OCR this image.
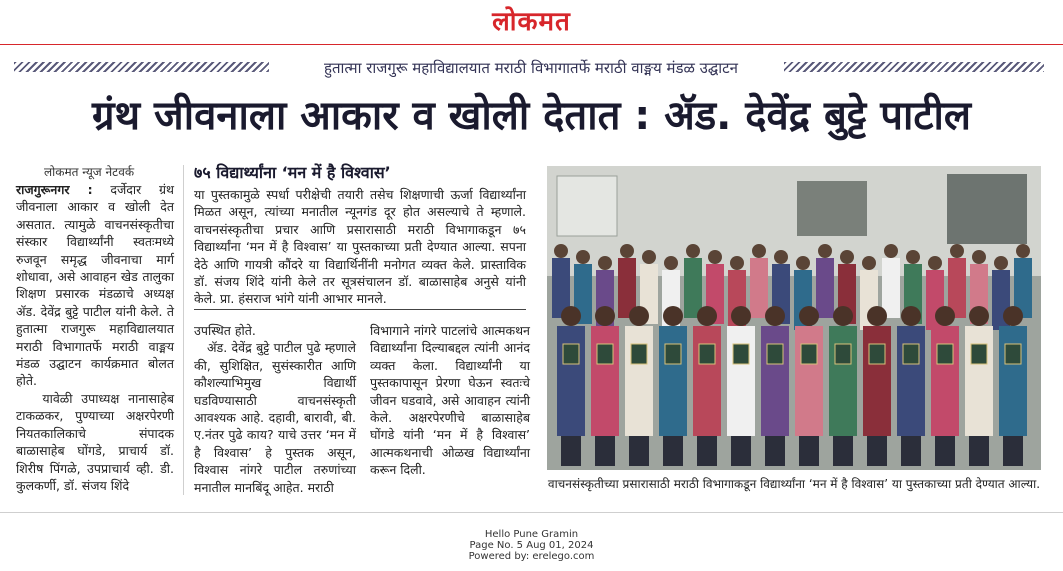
लोकमत
हुतात्मा राजगुरू महाविद्यालयात मराठी विभागातर्फे मराठी वाङ्मय मंडळ उद्घाटन
ग्रंथ जीवनाला आकार व खोली देतात : ॲड. देवेंद्र बुट्टे पाटील
लोकमत न्यूज नेटवर्क

राजगुरूनगर : दर्जेदार ग्रंथ जीवनाला आकार व खोली देत असतात. त्यामुळे वाचनसंस्कृतीचा संस्कार विद्यार्थ्यांनी स्वतःमध्ये रुजवून समृद्ध जीवनाचा मार्ग शोधावा, असे आवाहन खेड तालुका शिक्षण प्रसारक मंडळाचे अध्यक्ष ॲड. देवेंद्र बुट्टे पाटील यांनी केले. ते हुतात्मा राजगुरू महाविद्यालयात मराठी विभागातर्फे मराठी वाङ्मय मंडळ उद्घाटन कार्यक्रमात बोलत होते.

यावेळी उपाध्यक्ष नानासाहेब टाकळकर, पुण्याच्या अक्षरपेरणी नियतकालिकाचे संपादक बाळासाहेब घोंगडे, प्राचार्य डॉ. शिरीष पिंगळे, उपप्राचार्य व्ही. डी. कुलकर्णी, डॉ. संजय शिंदे

७५ विद्यार्थ्यांना ‘मन में है विश्वास’
या पुस्तकामुळे स्पर्धा परीक्षेची तयारी तसेच शिक्षणाची ऊर्जा विद्यार्थ्यांना मिळत असून, त्यांच्या मनातील न्यूनगंड दूर होत असल्याचे ते म्हणाले. वाचनसंस्कृतीचा प्रचार आणि प्रसारासाठी मराठी विभागाकडून ७५ विद्यार्थ्यांना ‘मन में है विश्वास’ या पुस्तकाच्या प्रती देण्यात आल्या. सपना देठे आणि गायत्री कौंदरे या विद्यार्थिनींनी मनोगत व्यक्त केले. प्रास्ताविक डॉ. संजय शिंदे यांनी केले तर सूत्रसंचालन डॉ. बाळासाहेब अनुसे यांनी केले. प्रा. हंसराज भांगे यांनी आभार मानले.

उपस्थित होते.

ॲड. देवेंद्र बुट्टे पाटील पुढे म्हणाले की, सुशिक्षित, सुसंस्कारीत आणि कौशल्याभिमुख विद्यार्थी घडविण्यासाठी वाचनसंस्कृती आवश्यक आहे. दहावी, बारावी, बी. ए.नंतर पुढे काय? याचे उत्तर ‘मन में है विश्वास’ हे पुस्तक असून, विश्वास नांगरे पाटील तरुणांच्या मनातील मानबिंदू आहेत. मराठी

विभागाने नांगरे पाटलांचे आत्मकथन विद्यार्थ्यांना दिल्याबद्दल त्यांनी आनंद व्यक्त केला. विद्यार्थ्यांनी या पुस्तकापासून प्रेरणा घेऊन स्वतःचे जीवन घडवावे, असे आवाहन त्यांनी केले. अक्षरपेरणीचे बाळासाहेब घोंगडे यांनी ‘मन में है विश्वास’ आत्मकथनाची ओळख विद्यार्थ्यांना करून दिली.

वाचनसंस्कृतीच्या प्रसारासाठी मराठी विभागाकडून विद्यार्थ्यांना ‘मन में है विश्वास’ या पुस्तकाच्या प्रती देण्यात आल्या.
Hello Pune Gramin
Page No. 5 Aug 01, 2024
Powered by: erelego.com
